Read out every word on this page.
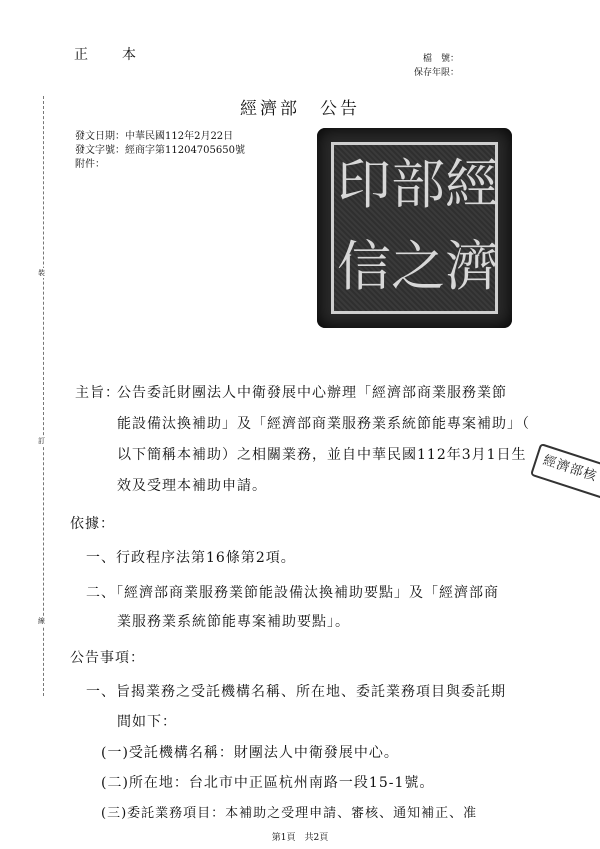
正　本	檔　號 ：
保存年限 ：
裝
訂
線
經濟部　公告
發文日期：中華民國112年2月22日
發文字號：經商字第11204705650號
附件：	經
濟
部
之
印
信
經濟部核
主旨：
公告委託財團法人中衛發展中心辦理「經濟部商業服務業節
能設備汰換補助」及「經濟部商業服務業系統節能專案補助」（
以下簡稱本補助）之相關業務，並自中華民國112年3月1日生
效及受理本補助申請。
依據：
一、行政程序法第16條第2項。
二、「經濟部商業服務業節能設備汰換補助要點」及「經濟部商
業服務業系統節能專案補助要點」。
公告事項：
一、旨揭業務之受託機構名稱、所在地、委託業務項目與委託期
間如下：
(一)受託機構名稱：財團法人中衛發展中心。
(二)所在地：台北市中正區杭州南路一段15-1號。
(三)委託業務項目：本補助之受理申請、審核、通知補正、准
第1頁　共2頁
